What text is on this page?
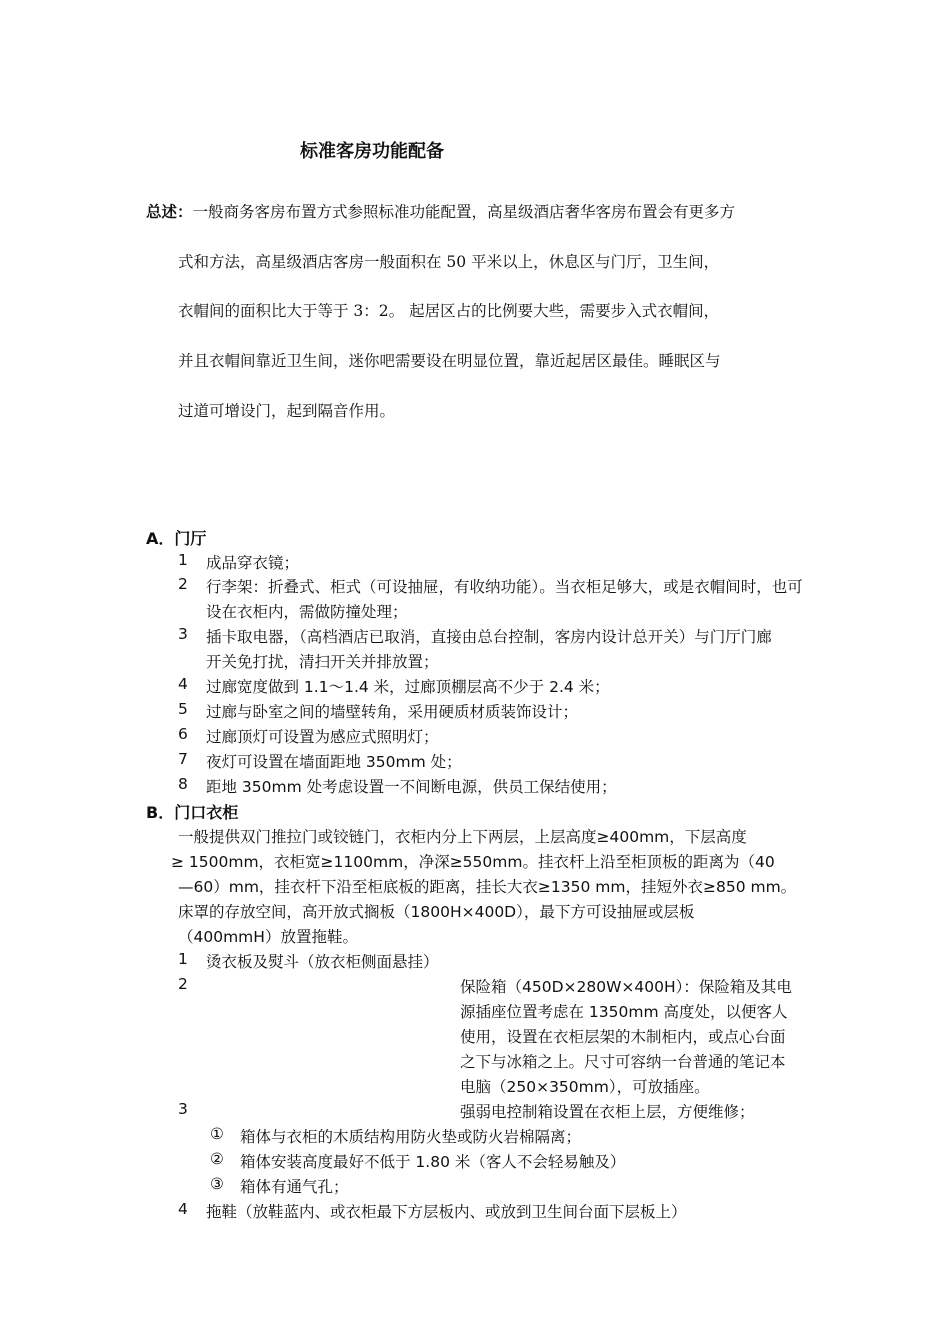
标准客房功能配备
总述：一般商务客房布置方式参照标准功能配置，高星级酒店奢华客房布置会有更多方
式和方法，高星级酒店客房一般面积在 50 平米以上，休息区与门厅，卫生间，
衣帽间的面积比大于等于 3：2。 起居区占的比例要大些，需要步入式衣帽间，
并且衣帽间靠近卫生间，迷你吧需要设在明显位置，靠近起居区最佳。睡眠区与
过道可增设门，起到隔音作用。
A．门厅
1 成品穿衣镜；
2 行李架：折叠式、柜式（可设抽屉，有收纳功能）。当衣柜足够大，或是衣帽间时，也可
设在衣柜内，需做防撞处理；
3 插卡取电器，（高档酒店已取消，直接由总台控制，客房内设计总开关）与门厅门廊
开关免打扰，清扫开关并排放置；
4 过廊宽度做到 1.1～1.4 米，过廊顶棚层高不少于 2.4 米；
5 过廊与卧室之间的墙壁转角，采用硬质材质装饰设计；
6 过廊顶灯可设置为感应式照明灯；
7 夜灯可设置在墙面距地 350mm 处；
8 距地 350mm 处考虑设置一不间断电源，供员工保结使用；
B．门口衣柜
一般提供双门推拉门或铰链门，衣柜内分上下两层，上层高度≥400mm，下层高度
≥ 1500mm，衣柜宽≥1100mm，净深≥550mm。挂衣杆上沿至柜顶板的距离为（40
—60）mm，挂衣杆下沿至柜底板的距离，挂长大衣≥1350 mm，挂短外衣≥850 mm。
床罩的存放空间，高开放式搁板（1800H×400D），最下方可设抽屉或层板
（400mmH）放置拖鞋。
1 烫衣板及熨斗（放衣柜侧面悬挂）
2	保险箱（450D×280W×400H）：保险箱及其电
源插座位置考虑在 1350mm 高度处，以便客人
使用，设置在衣柜层架的木制柜内，或点心台面
之下与冰箱之上。尺寸可容纳一台普通的笔记本
电脑（250×350mm），可放插座。
3	强弱电控制箱设置在衣柜上层，方便维修；
① 箱体与衣柜的木质结构用防火垫或防火岩棉隔离；
② 箱体安装高度最好不低于 1.80 米（客人不会轻易触及）
③ 箱体有通气孔；
4 拖鞋（放鞋蓝内、或衣柜最下方层板内、或放到卫生间台面下层板上）
